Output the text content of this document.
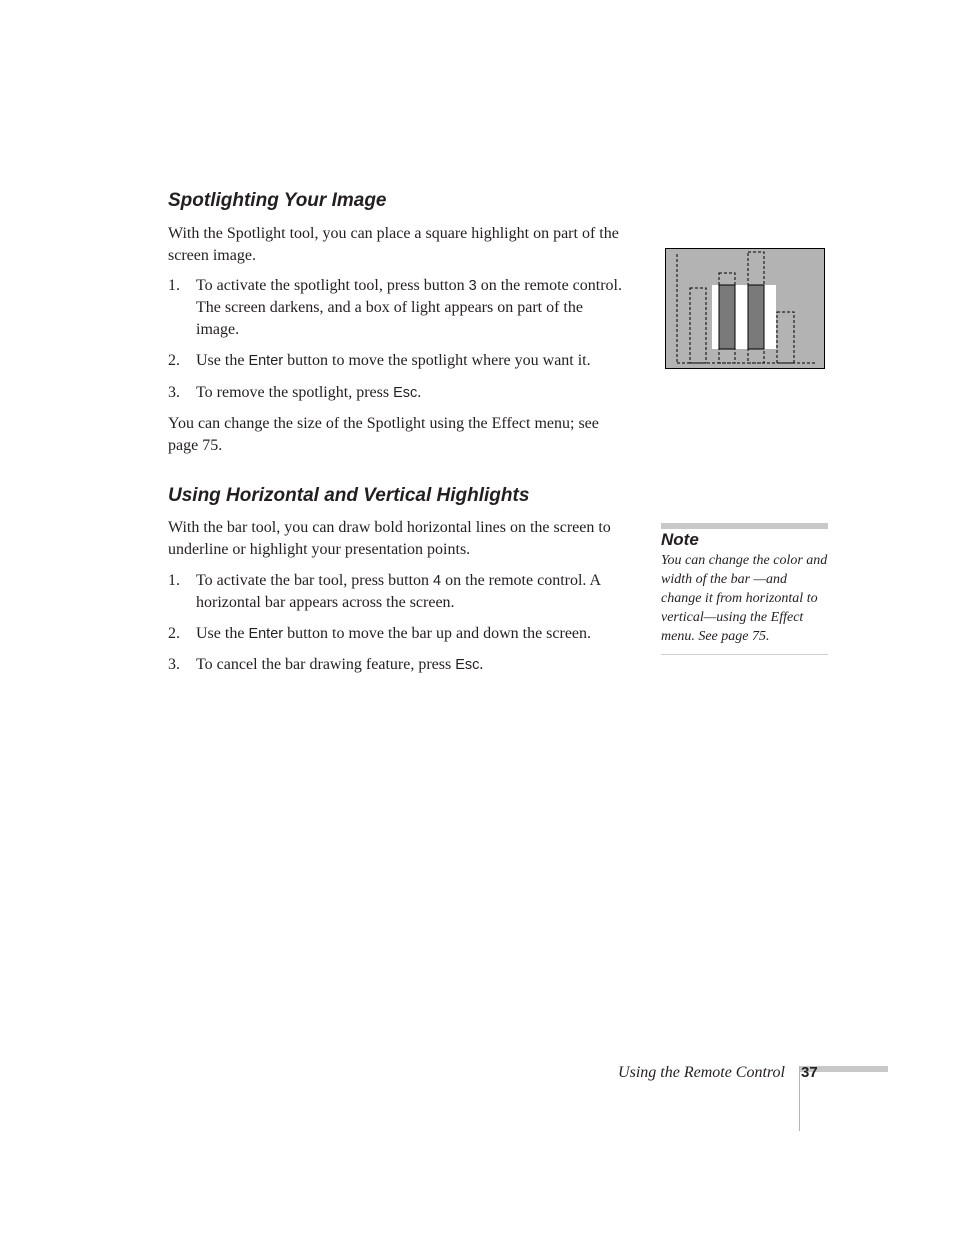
Spotlighting Your Image

With the Spotlight tool, you can place a square highlight on part of the screen image.

1. To activate the spotlight tool, press button 3 on the remote control. The screen darkens, and a box of light appears on part of the image.
2. Use the Enter button to move the spotlight where you want it.
3. To remove the spotlight, press Esc.

You can change the size of the Spotlight using the Effect menu; see page 75.

Using Horizontal and Vertical Highlights

With the bar tool, you can draw bold horizontal lines on the screen to underline or highlight your presentation points.

1. To activate the bar tool, press button 4 on the remote control. A horizontal bar appears across the screen.
2. Use the Enter button to move the bar up and down the screen.
3. To cancel the bar drawing feature, press Esc.
Note
You can change the color and width of the bar —and change it from horizontal to vertical—using the Effect menu. See page 75.
Using the Remote Control 37
